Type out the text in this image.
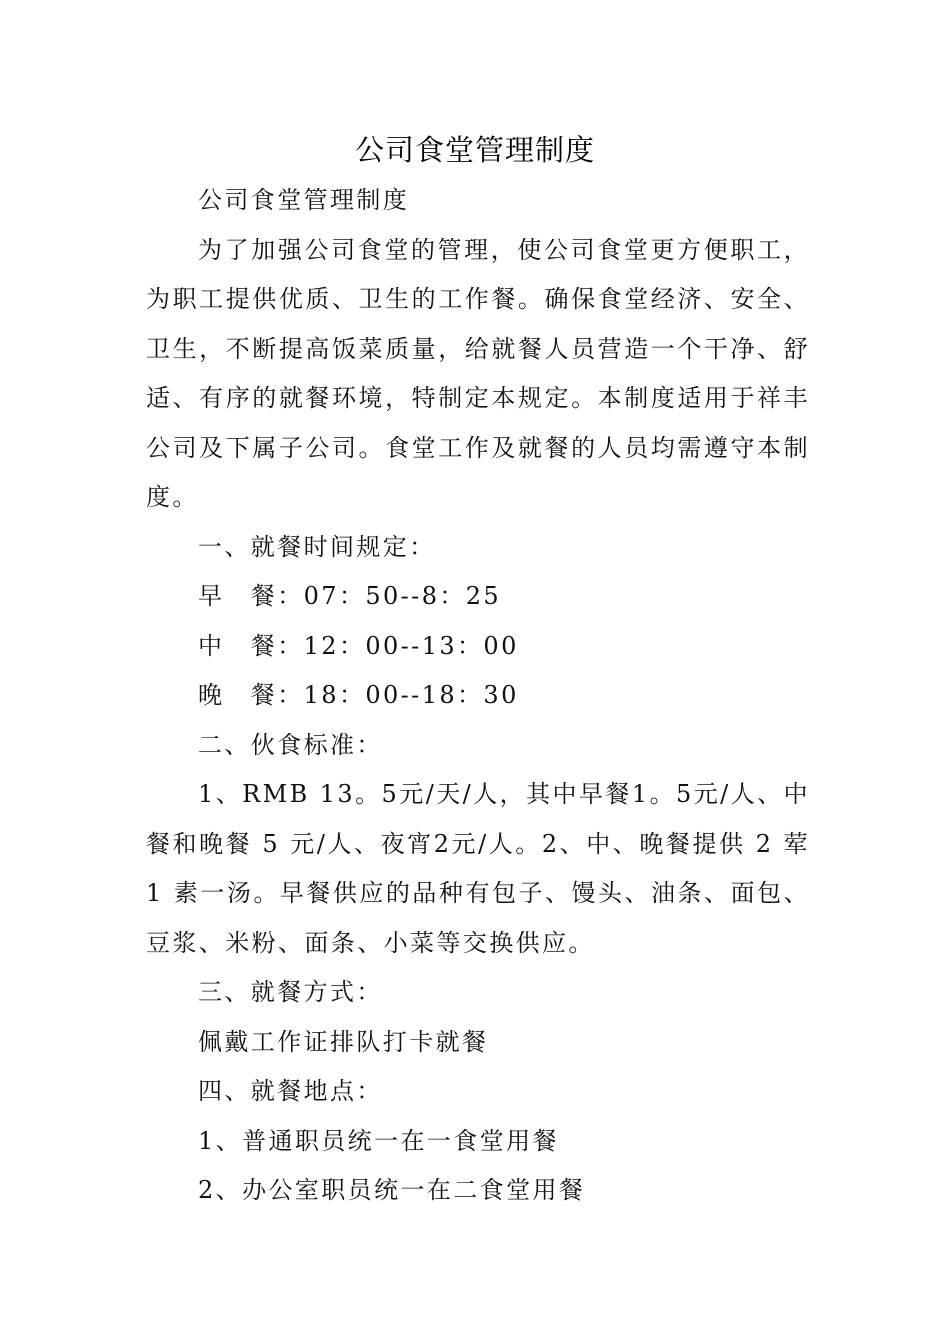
公司食堂管理制度

公司食堂管理制度

为了加强公司食堂的管理，使公司食堂更方便职工，为职工提供优质、卫生的工作餐。确保食堂经济、安全、卫生，不断提高饭菜质量，给就餐人员营造一个干净、舒适、有序的就餐环境，特制定本规定。本制度适用于祥丰公司及下属子公司。食堂工作及就餐的人员均需遵守本制度。

一、就餐时间规定：

早　餐：07：50--8：25

中　餐：12：00--13：00

晚　餐：18：00--18：30

二、伙食标准：

1、RMB 13。5元/天/人，其中早餐1。5元/人、中餐和晚餐 5 元/人、夜宵2元/人。2、中、晚餐提供 2 荤 1 素一汤。早餐供应的品种有包子、馒头、油条、面包、豆浆、米粉、面条、小菜等交换供应。

三、就餐方式：

佩戴工作证排队打卡就餐

四、就餐地点：

1、普通职员统一在一食堂用餐

2、办公室职员统一在二食堂用餐
